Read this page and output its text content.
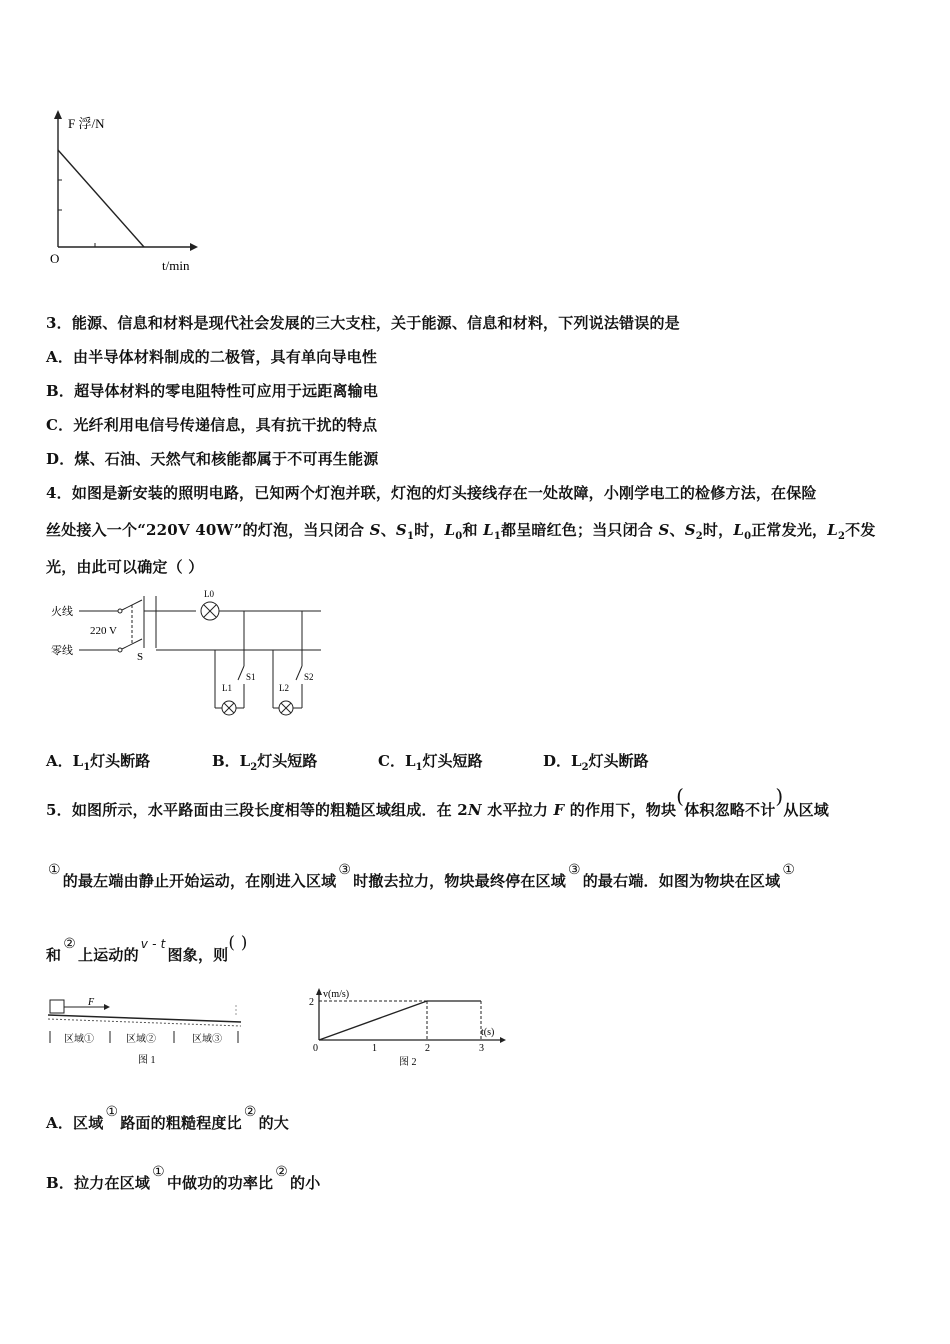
F 浮/N
O	t/min
3．能源、信息和材料是现代社会发展的三大支柱，关于能源、信息和材料，下列说法错误的是
A．由半导体材料制成的二极管，具有单向导电性
B．超导体材料的零电阻特性可应用于远距离输电
C．光纤利用电信号传递信息，具有抗干扰的特点
D．煤、石油、天然气和核能都属于不可再生能源
4．如图是新安装的照明电路，已知两个灯泡并联，灯泡的灯头接线存在一处故障，小刚学电工的检修方法，在保险
丝处接入一个“220V 40W”的灯泡，当只闭合 S、$S_1$时，$L_0$和 $L_1$都呈暗红色；当只闭合 S、$S_2$时，$L_0$正常发光，$L_2$不发
光，由此可以确定（ ）
火线
零线
220 V
S
L0
S1
L1
S2
L2
A．$L_1$灯头断路	B．$L_2$灯头短路	C．$L_1$灯头短路	D．$L_2$灯头断路
5．如图所示，水平路面由三段长度相等的粗糙区域组成．在 2N 水平拉力 F 的作用下，物块(体积忽略不计)从区域
①的最左端由静止开始运动，在刚进入区域③时撤去拉力，物块最终停在区域③的最右端．如图为物块在区域①
和②上运动的v - t图象，则( )
F
区域①	区域②	区域③
图 1
v(m/s)
t(s)
2
0	1	2	3
图 2
A．区域①路面的粗糙程度比②的大
B．拉力在区域①中做功的功率比②的小
